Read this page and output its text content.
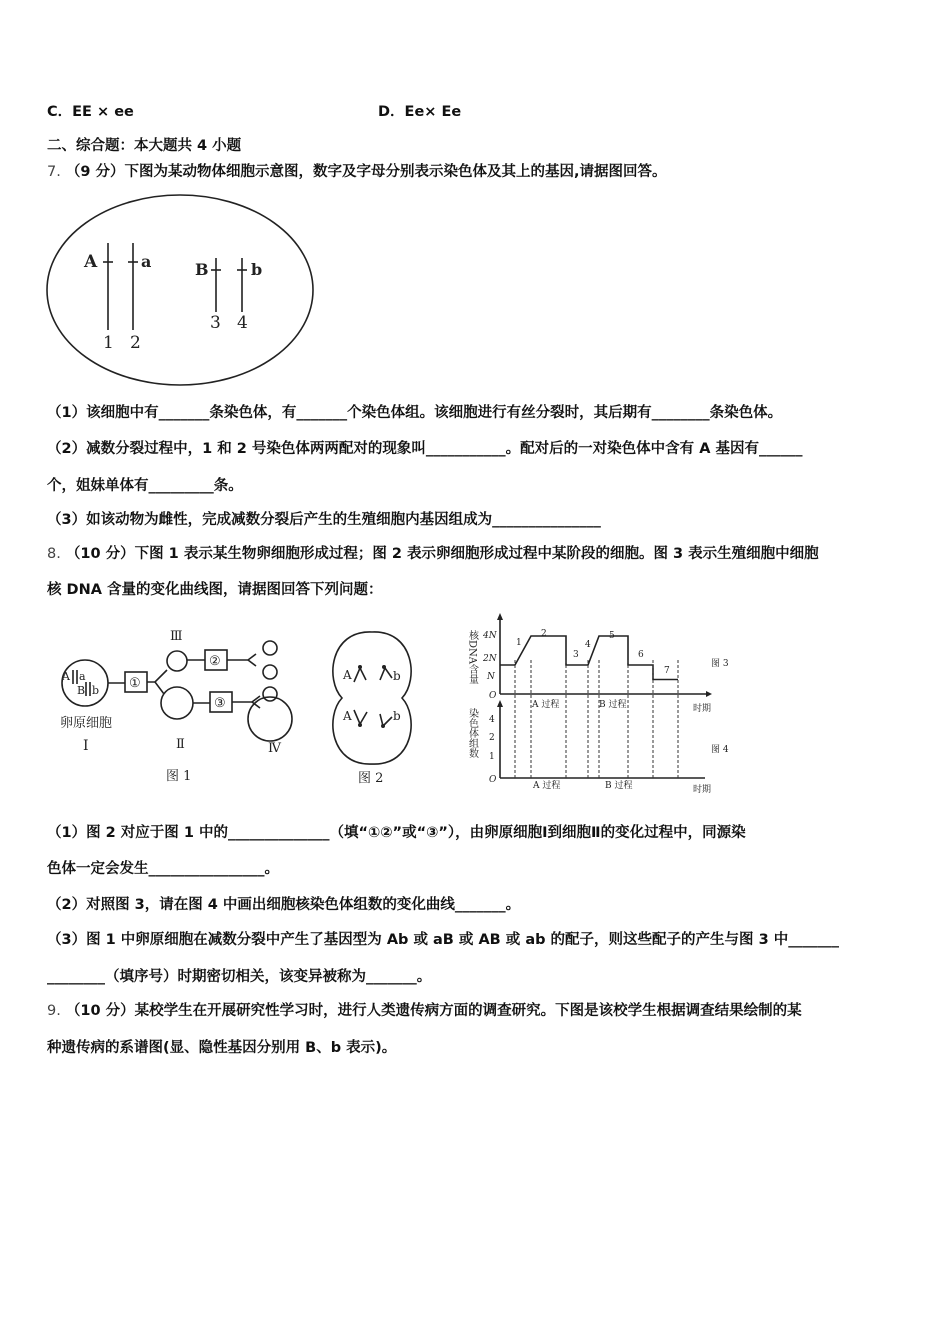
C．EE × ee	D．Ee× Ee
二、综合题：本大题共 4 小题
7. （9 分）下图为某动物体细胞示意图，数字及字母分别表示染色体及其上的基因,请据图回答。
（1）该细胞中有_______条染色体，有_______个染色体组。该细胞进行有丝分裂时，其后期有________条染色体。
（2）减数分裂过程中，1 和 2 号染色体两两配对的现象叫___________。配对后的一对染色体中含有 A 基因有______
个，姐妹单体有_________条。
（3）如该动物为雌性，完成减数分裂后产生的生殖细胞内基因组成为_______________
8. （10 分）下图 1 表示某生物卵细胞形成过程；图 2 表示卵细胞形成过程中某阶段的细胞。图 3 表示生殖细胞中细胞
核 DNA 含量的变化曲线图，请据图回答下列问题：
（1）图 2 对应于图 1 中的______________（填“①②”或“③”），由卵原细胞Ⅰ到细胞Ⅱ的变化过程中，同源染
色体一定会发生________________。
（2）对照图 3，请在图 4 中画出细胞核染色体组数的变化曲线_______。
（3）图 1 中卵原细胞在减数分裂中产生了基因型为 Ab 或 aB 或 AB 或 ab 的配子，则这些配子的产生与图 3 中_______
________（填序号）时期密切相关，该变异被称为_______。
9. （10 分）某校学生在开展研究性学习时，进行人类遗传病方面的调查研究。下图是该校学生根据调查结果绘制的某
种遗传病的系谱图(显、隐性基因分别用 B、b 表示)。
A	a	B	b
1 2
3 4
A a
B b ①
②
③
卵原细胞
Ⅰ
Ⅲ
Ⅱ	Ⅳ
图 1
A	b
A	b
图 2
核DNA含量 4N
2N
N
O
1
2
3
4
5
6
7
A 过程	B 过程	时期
图 3
染色体组数 4
2
1
O
A 过程	B 过程	时期
图 4
